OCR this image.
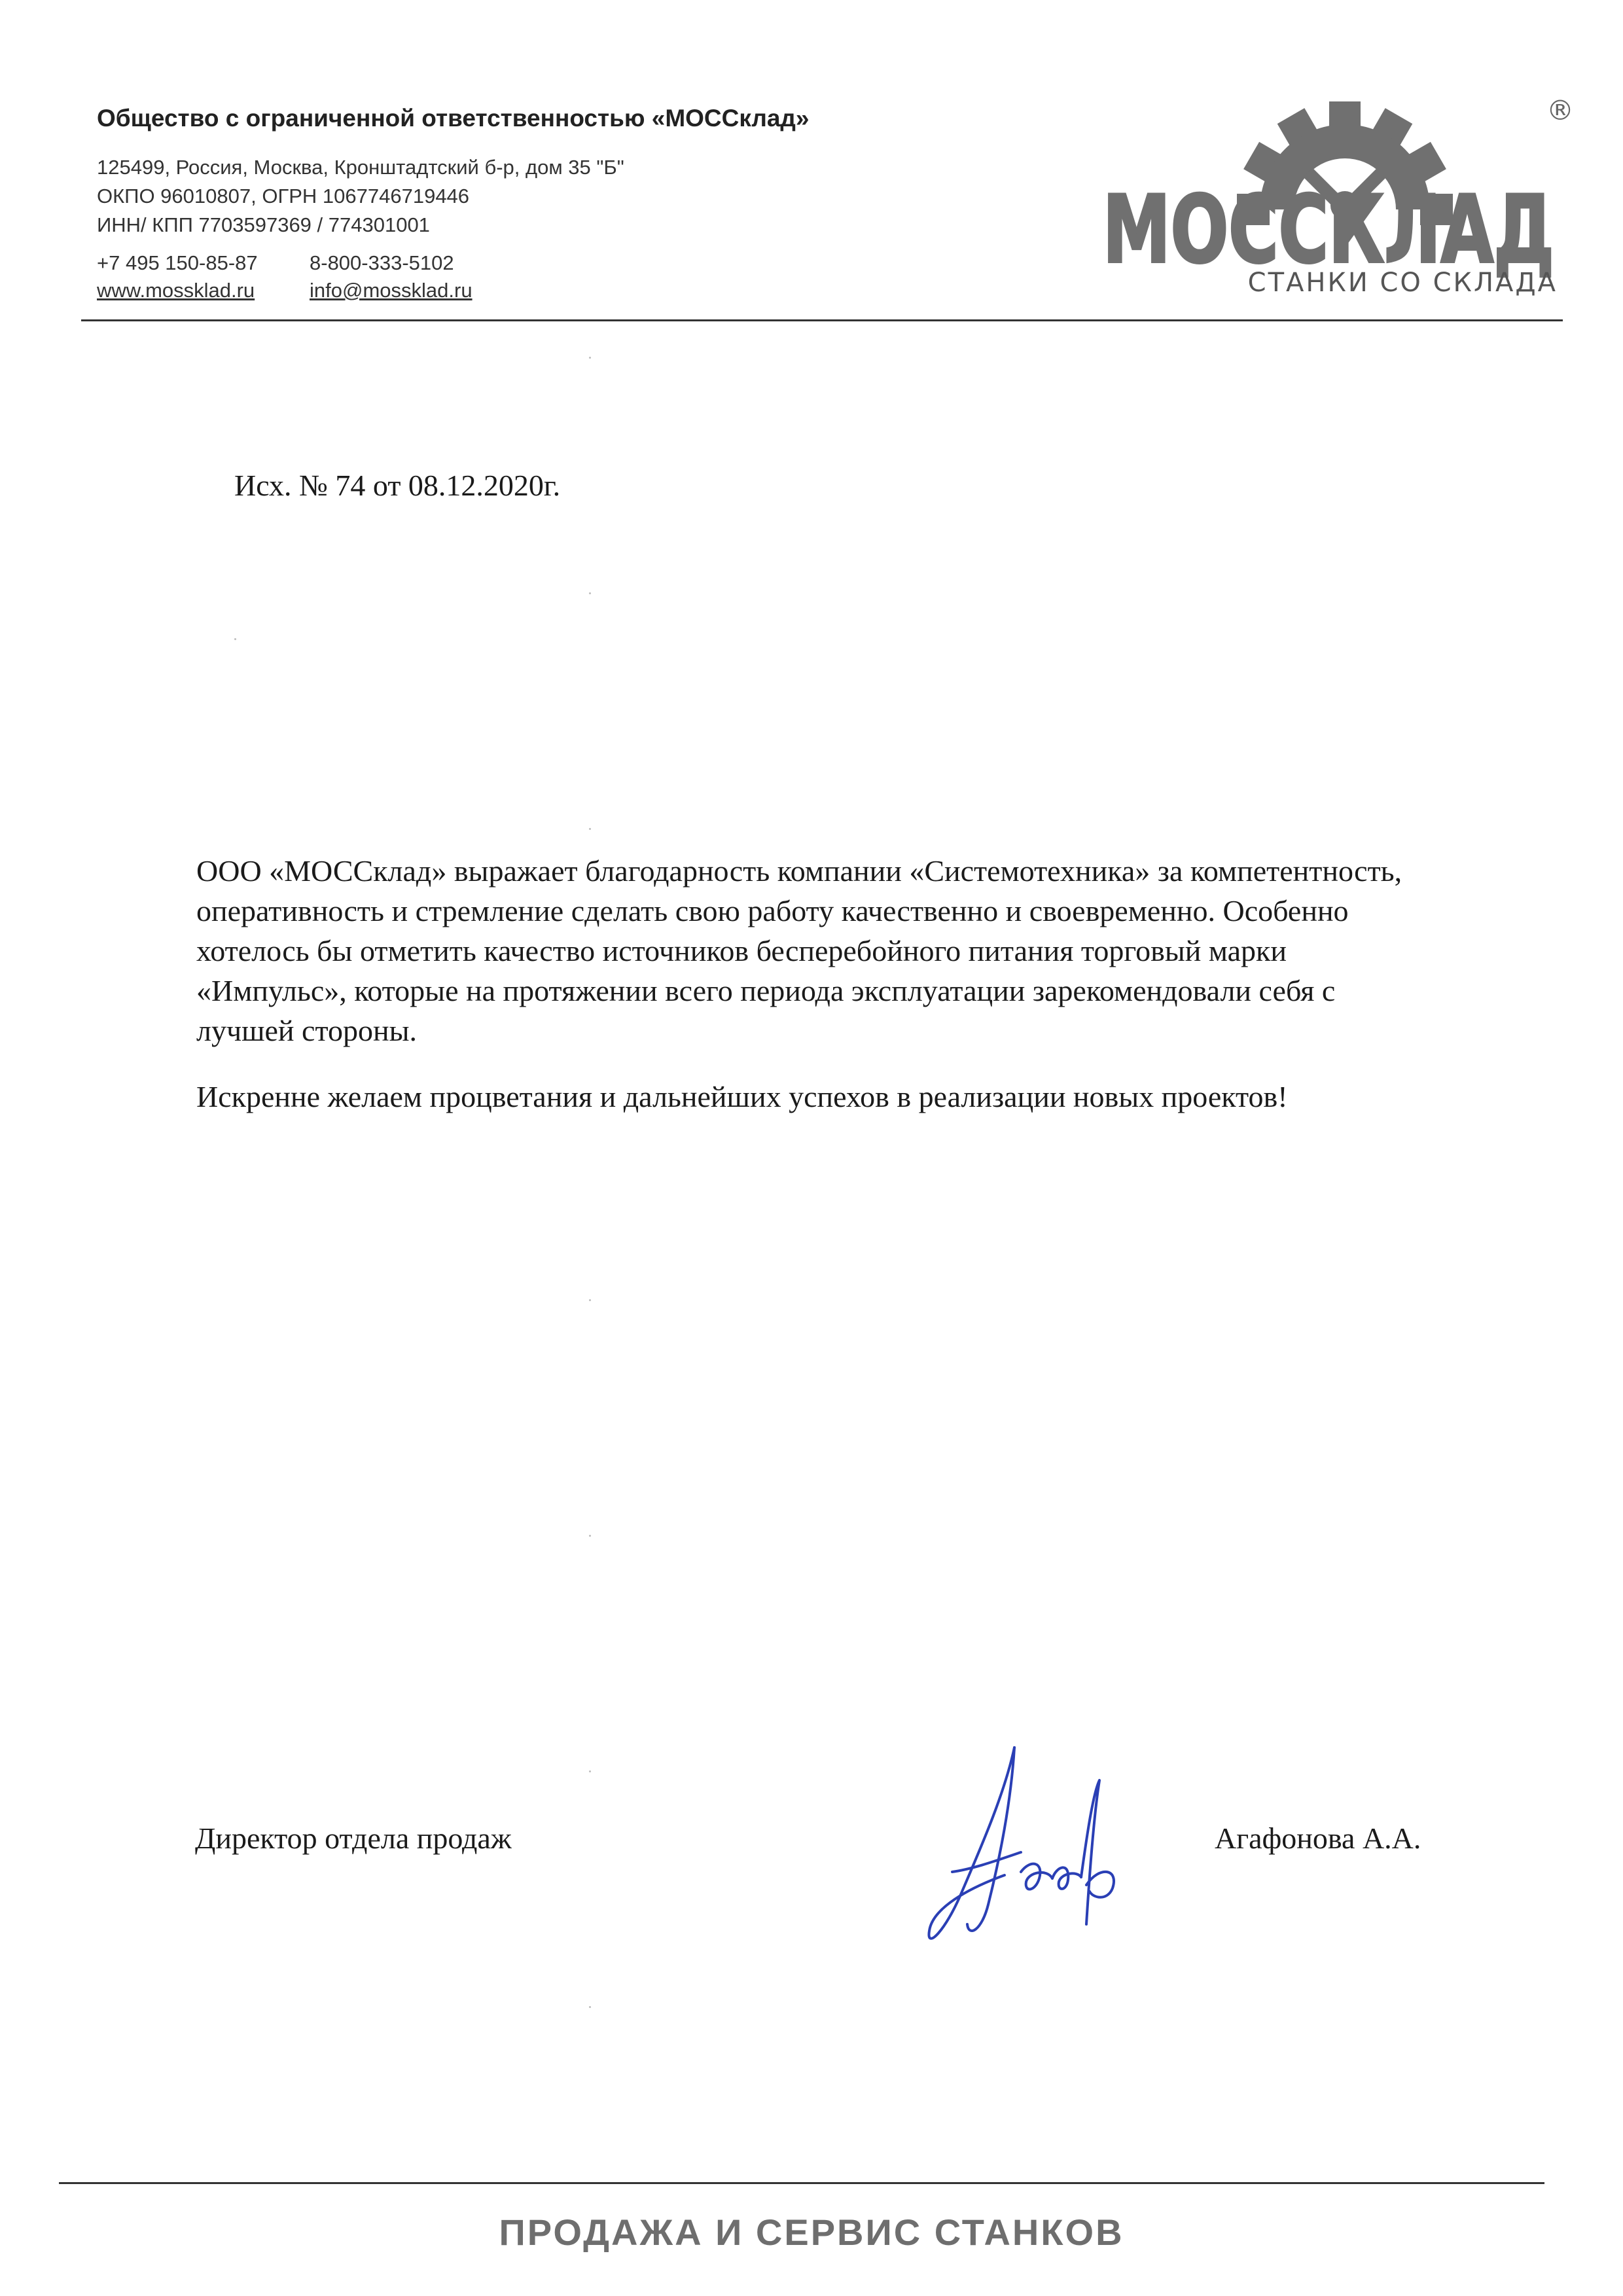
Общество с ограниченной ответственностью «МОССклад»
125499, Россия, Москва, Кронштадтский б-р, дом 35 "Б"
ОКПО 96010807, ОГРН 1067746719446
ИНН/ КПП 7703597369 / 774301001
+7 495 150-85-87	8-800-333-5102
www.mossklad.ru	info@mossklad.ru
МОССКЛАД
СТАНКИ СО СКЛАДА
®
Исх. № 74 от 08.12.2020г.

ООО «МОССклад» выражает благодарность компании «Системотехника» за компетентность,
оперативность и стремление сделать свою работу качественно и своевременно. Особенно
хотелось бы отметить качество источников бесперебойного питания торговый марки
«Импульс», которые на протяжении всего периода эксплуатации зарекомендовали себя с
лучшей стороны.

Искренне желаем процветания и дальнейших успехов в реализации новых проектов!

Директор отдела продаж	Агафонова А.А.
ПРОДАЖА И СЕРВИС СТАНКОВ
